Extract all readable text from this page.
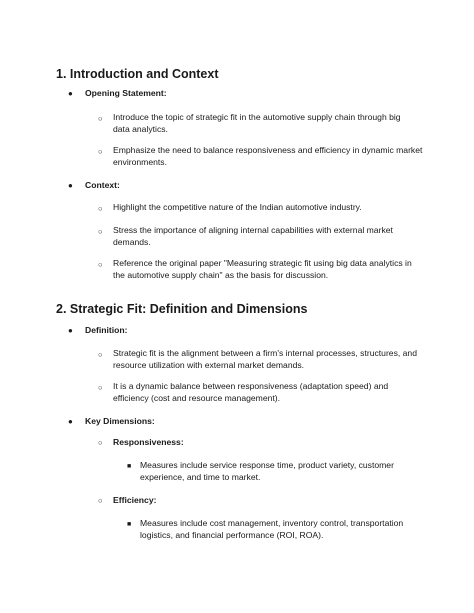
1. Introduction and Context
● Opening Statement:
○ Introduce the topic of strategic fit in the automotive supply chain through big data analytics.
○ Emphasize the need to balance responsiveness and efficiency in dynamic market environments.
● Context:
○ Highlight the competitive nature of the Indian automotive industry.
○ Stress the importance of aligning internal capabilities with external market demands.
○ Reference the original paper "Measuring strategic fit using big data analytics in the automotive supply chain" as the basis for discussion.
2. Strategic Fit: Definition and Dimensions
● Definition:
○ Strategic fit is the alignment between a firm's internal processes, structures, and resource utilization with external market demands.
○ It is a dynamic balance between responsiveness (adaptation speed) and efficiency (cost and resource management).
● Key Dimensions:
○ Responsiveness:
■ Measures include service response time, product variety, customer experience, and time to market.
○ Efficiency:
■ Measures include cost management, inventory control, transportation logistics, and financial performance (ROI, ROA).
